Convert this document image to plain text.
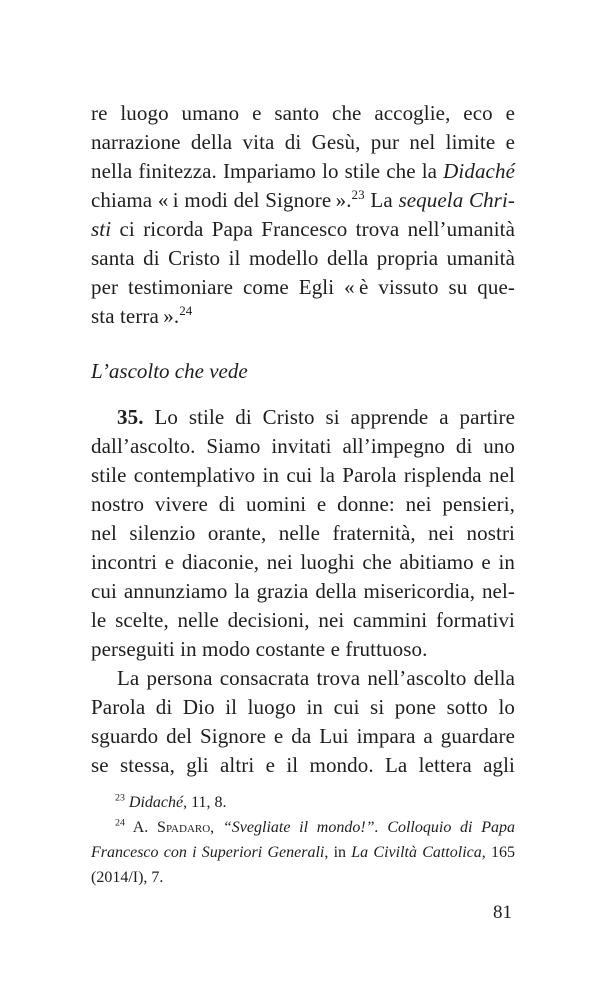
re luogo umano e santo che accoglie, eco e
narrazione della vita di Gesù, pur nel limite e
nella finitezza. Impariamo lo stile che la Didaché
chiama « i modi del Signore ».$^{23}$ La sequela Chri-
sti ci ricorda Papa Francesco trova nell’umanità
santa di Cristo il modello della propria umanità
per testimoniare come Egli « è vissuto su que-
sta terra ».$^{24}$
L’ascolto che vede
35. Lo stile di Cristo si apprende a partire
dall’ascolto. Siamo invitati all’impegno di uno
stile contemplativo in cui la Parola risplenda nel
nostro vivere di uomini e donne: nei pensieri,
nel silenzio orante, nelle fraternità, nei nostri
incontri e diaconie, nei luoghi che abitiamo e in
cui annunziamo la grazia della misericordia, nel-
le scelte, nelle decisioni, nei cammini formativi
perseguiti in modo costante e fruttuoso.
La persona consacrata trova nell’ascolto della
Parola di Dio il luogo in cui si pone sotto lo
sguardo del Signore e da Lui impara a guardare
se stessa, gli altri e il mondo. La lettera agli
$^{23}$ Didaché, 11, 8.
$^{24}$ A. Spadaro, “Svegliate il mondo!”. Colloquio di Papa
Francesco con i Superiori Generali, in La Civiltà Cattolica, 165
(2014/I), 7.
81
